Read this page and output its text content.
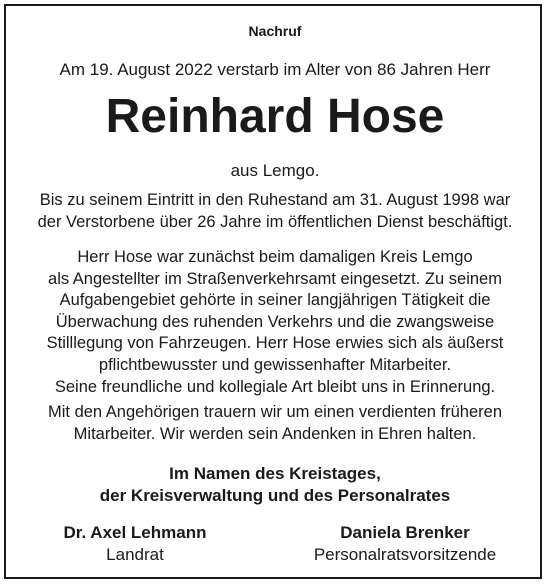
Nachruf
Am 19. August 2022 verstarb im Alter von 86 Jahren Herr
Reinhard Hose
aus Lemgo.
Bis zu seinem Eintritt in den Ruhestand am 31. August 1998 war
der Verstorbene über 26 Jahre im öffentlichen Dienst beschäftigt.
Herr Hose war zunächst beim damaligen Kreis Lemgo
als Angestellter im Straßenverkehrsamt eingesetzt. Zu seinem
Aufgabengebiet gehörte in seiner langjährigen Tätigkeit die
Überwachung des ruhenden Verkehrs und die zwangsweise
Stilllegung von Fahrzeugen. Herr Hose erwies sich als äußerst
pflichtbewusster und gewissenhafter Mitarbeiter.
Seine freundliche und kollegiale Art bleibt uns in Erinnerung.
Mit den Angehörigen trauern wir um einen verdienten früheren
Mitarbeiter. Wir werden sein Andenken in Ehren halten.
Im Namen des Kreistages,
der Kreisverwaltung und des Personalrates
Dr. Axel Lehmann
Landrat
Daniela Brenker
Personalratsvorsitzende
